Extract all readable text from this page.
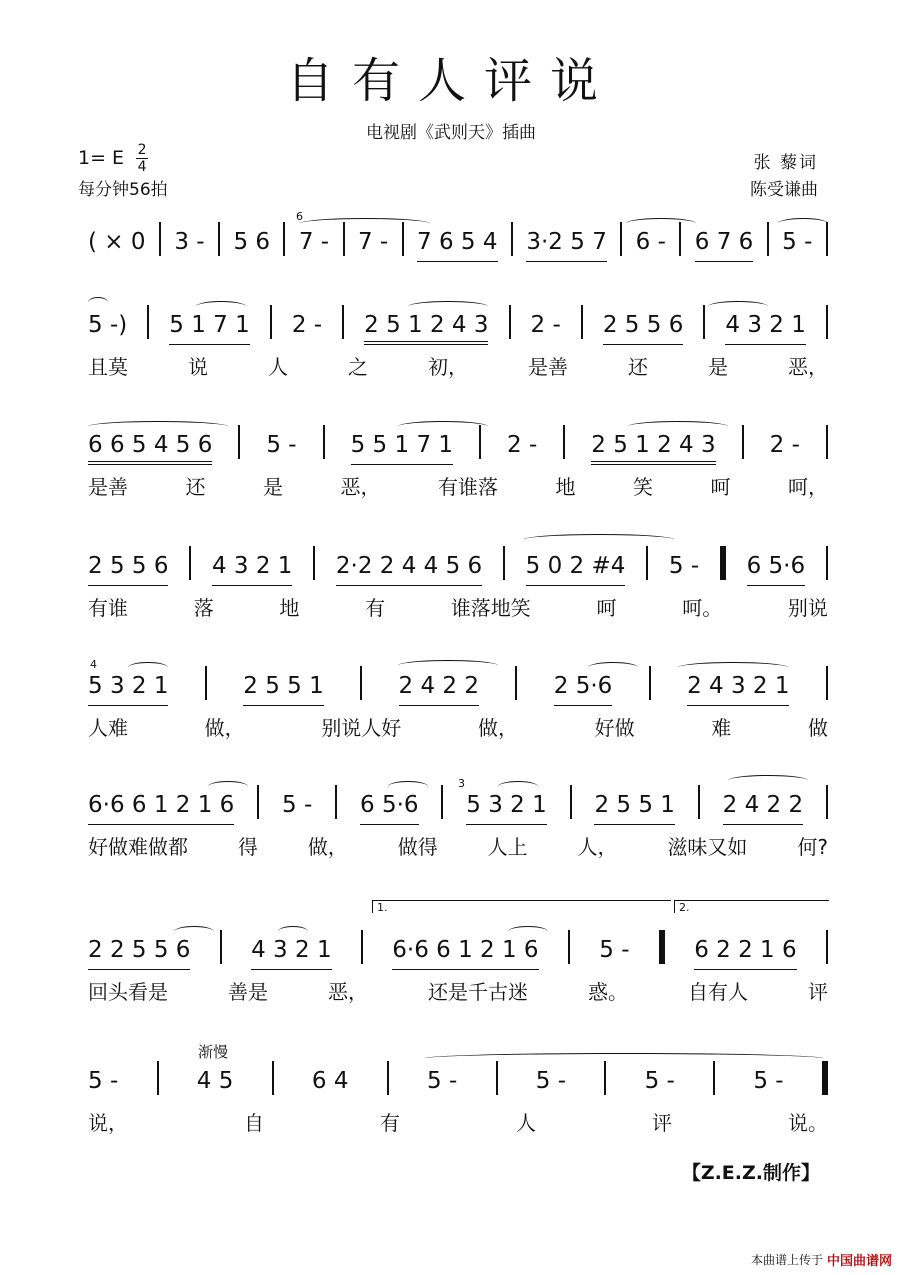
自有人评说
电视剧《武则天》插曲
1= E $\frac{2}{4}$
每分钟56拍
张 藜词
陈受谦曲
( × 0 3 - 5 6 7 - 7 - 7 6 5 4 3·2 5 7 6 - 6 7 6 5 -
6
5 -) 5 1 7 1 2 - 2 5 1 2 4 3 2 - 2 5 5 6 4 3 2 1
且莫	说	人	之	初，	是善	还	是	恶，
6 6 5 4 5 6 5 - 5 5 1 7 1 2 - 2 5 1 2 4 3 2 -
是善	还	是	恶，	有谁落	地	笑	呵	呵，
2 5 5 6 4 3 2 1 2·2 2 4 4 5 6 5 0 2 #4 5 - 6 5·6
有谁	落	地	有	谁落地笑	呵	呵。	别说
5 3 2 1	2 5 5 1	2 4 2 2	2 5·6	2 4 3 2 1
人难	做，	别说人好	做，	好做	难	做
4
6·6 6 1 2 1 6 5 - 6 5·6 5 3 2 1 2 5 5 1 2 4 2 2
好做难做都 得 做， 做得 人上 人， 滋味又如 何?
3
1.	2.
2 2 5 5 6	4 3 2 1	6·6 6 1 2 1 6	5 -	6 2 2 1 6
回头看是	善是	恶，	还是千古迷	惑。	自有人	评
渐慢
5 -	4 5	6 4	5 -	5 -	5 -	5 -
说，	自	有	人	评	说。
【Z.E.Z.制作】
本曲谱上传于 中国曲谱网
